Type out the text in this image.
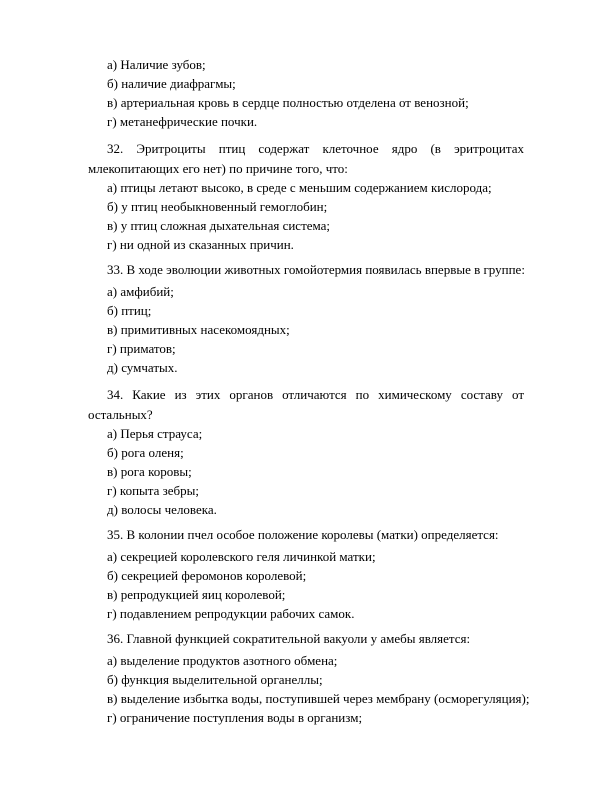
а) Наличие зубов;
б) наличие диафрагмы;
в) артериальная кровь в сердце полностью отделена от венозной;
г) метанефрические почки.
32. Эритроциты птиц содержат клеточное ядро (в эритроцитах млекопитающих его нет) по причине того, что:
а) птицы летают высоко, в среде с меньшим содержанием кислорода;
б) у птиц необыкновенный гемоглобин;
в) у птиц сложная дыхательная система;
г) ни одной из сказанных причин.
33. В ходе эволюции животных гомойотермия появилась впервые в группе:
а) амфибий;
б) птиц;
в) примитивных насекомоядных;
г) приматов;
д) сумчатых.
34. Какие из этих органов отличаются по химическому составу от остальных?
а) Перья страуса;
б) рога оленя;
в) рога коровы;
г) копыта зебры;
д) волосы человека.
35. В колонии пчел особое положение королевы (матки) определяется:
а) секрецией королевского геля личинкой матки;
б) секрецией феромонов королевой;
в) репродукцией яиц королевой;
г) подавлением репродукции рабочих самок.
36. Главной функцией сократительной вакуоли у амебы является:
а) выделение продуктов азотного обмена;
б) функция выделительной органеллы;
в) выделение избытка воды, поступившей через мембрану (осморегуляция);
г) ограничение поступления воды в организм;
